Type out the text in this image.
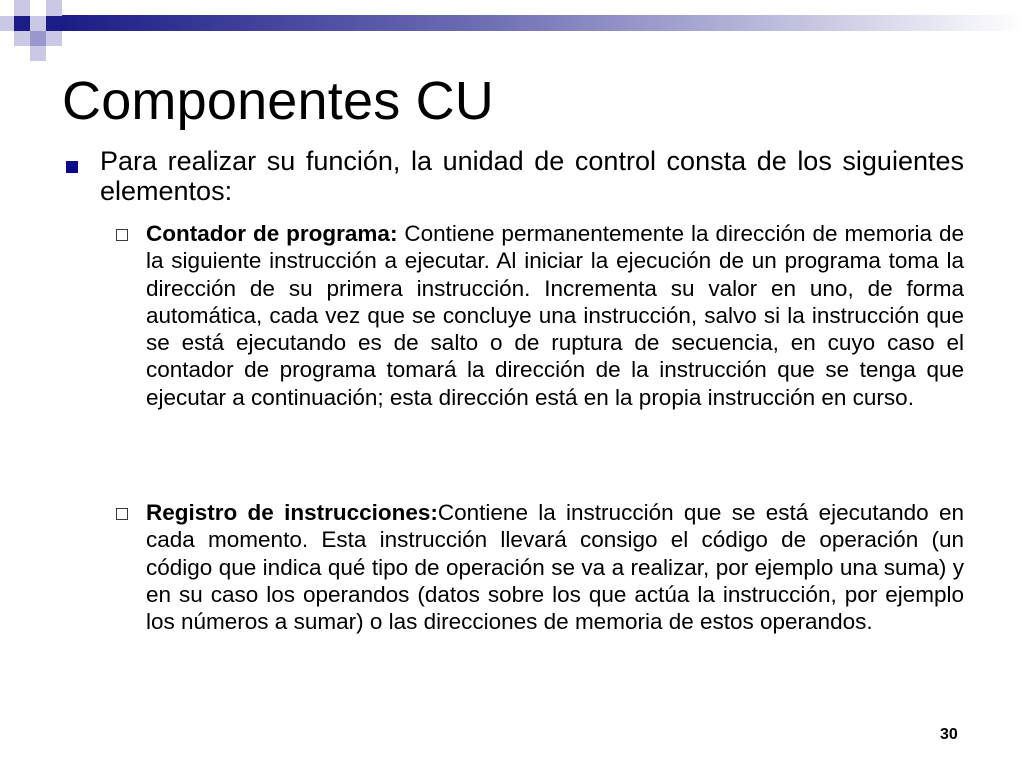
Componentes CU
Para realizar su función, la unidad de control consta de los siguientes elementos:
Contador de programa: Contiene permanentemente la dirección de memoria de la siguiente instrucción a ejecutar. Al iniciar la ejecución de un programa toma la dirección de su primera instrucción. Incrementa su valor en uno, de forma automática, cada vez que se concluye una instrucción, salvo si la instrucción que se está ejecutando es de salto o de ruptura de secuencia, en cuyo caso el contador de programa tomará la dirección de la instrucción que se tenga que ejecutar a continuación; esta dirección está en la propia instrucción en curso.
Registro de instrucciones:Contiene la instrucción que se está ejecutando en cada momento. Esta instrucción llevará consigo el código de operación (un código que indica qué tipo de operación se va a realizar, por ejemplo una suma) y en su caso los operandos (datos sobre los que actúa la instrucción, por ejemplo los números a sumar) o las direcciones de memoria de estos operandos.
30
